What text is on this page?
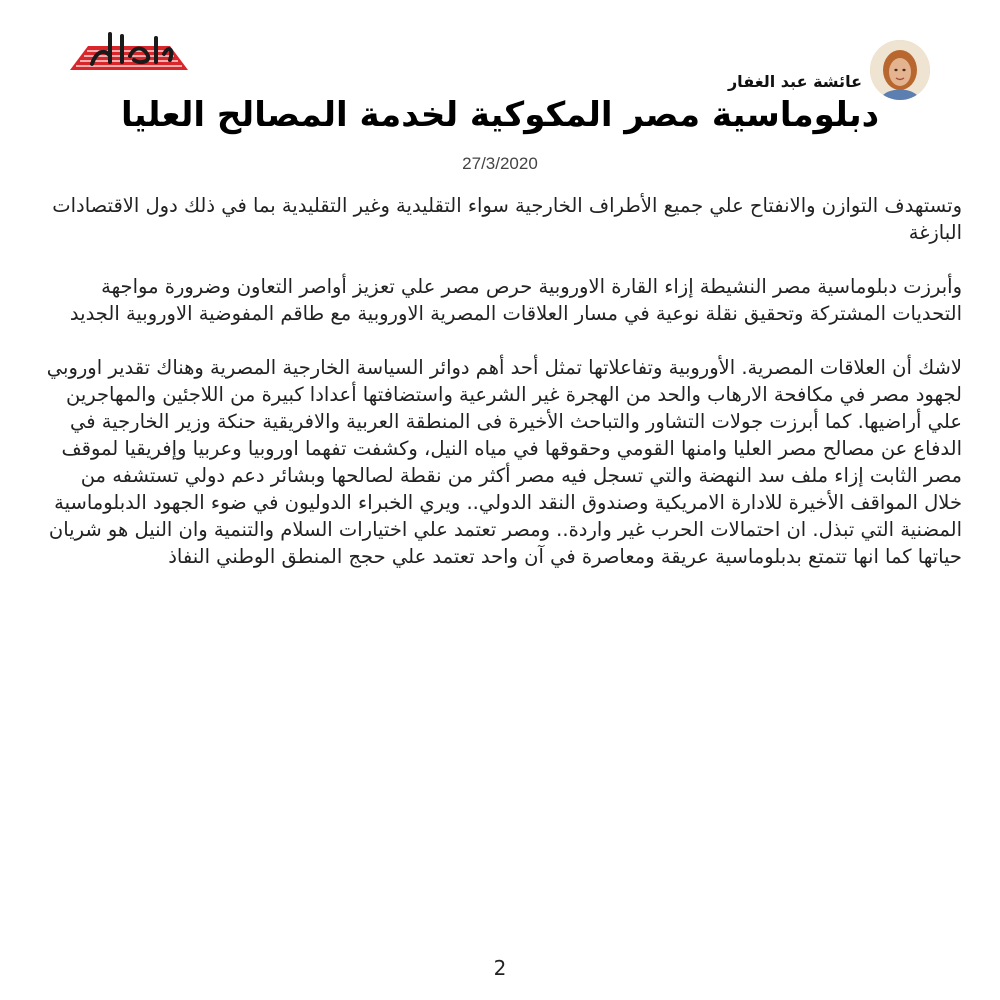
عائشة عبد الغفار
دبلوماسية مصر المكوكية لخدمة المصالح العليا
27/3/2020

وتستهدف التوازن والانفتاح علي جميع الأطراف الخارجية سواء التقليدية وغير التقليدية بما في ذلك دول الاقتصادات البازغة

وأبرزت دبلوماسية مصر النشيطة إزاء القارة الاوروبية حرص مصر علي تعزيز أواصر التعاون وضرورة مواجهة التحديات المشتركة وتحقيق نقلة نوعية في مسار العلاقات المصرية الاوروبية مع طاقم المفوضية الاوروبية الجديد

لاشك أن العلاقات المصرية. الأوروبية وتفاعلاتها تمثل أحد أهم دوائر السياسة الخارجية المصرية وهناك تقدير اوروبي لجهود مصر في مكافحة الارهاب والحد من الهجرة غير الشرعية واستضافتها أعدادا كبيرة من اللاجئين والمهاجرين علي أراضيها. كما أبرزت جولات التشاور والتباحث الأخيرة فى المنطقة العربية والافريقية حنكة وزير الخارجية في الدفاع عن مصالح مصر العليا وامنها القومي وحقوقها في مياه النيل، وكشفت تفهما اوروبيا وعربيا وإفريقيا لموقف مصر الثابت إزاء ملف سد النهضة والتي تسجل فيه مصر أكثر من نقطة لصالحها وبشائر دعم دولي تستشفه من خلال المواقف الأخيرة للادارة الامريكية وصندوق النقد الدولي.. ويري الخبراء الدوليون في ضوء الجهود الدبلوماسية المضنية التي تبذل. ان احتمالات الحرب غير واردة.. ومصر تعتمد علي اختيارات السلام والتنمية وان النيل هو شريان حياتها كما انها تتمتع بدبلوماسية عريقة ومعاصرة في آن واحد تعتمد علي حجج المنطق الوطني النفاذ

2
